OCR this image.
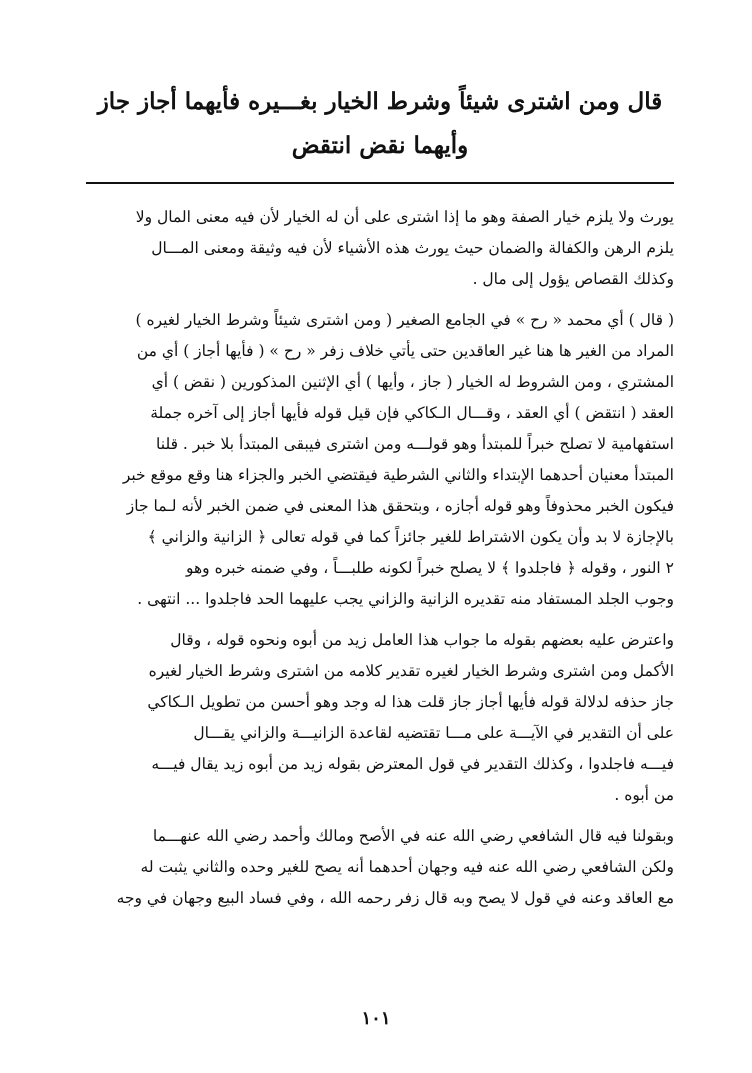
قال ومن اشترى شيئاً وشرط الخيار بغـــيره فأيهما أجاز جاز
وأيهما نقض انتقض
يورث ولا يلزم خيار الصفة وهو ما إذا اشترى على أن له الخيار لأن فيه معنى المال ولا
يلزم الرهن والكفالة والضمان حيث يورث هذه الأشياء لأن فيه وثيقة ومعنى المـــال
وكذلك القصاص يؤول إلى مال .
( قال ) أي محمد « رح » في الجامع الصغير ( ومن اشترى شيئاً وشرط الخيار لغيره )
المراد من الغير ها هنا غير العاقدين حتى يأتي خلاف زفر « رح » ( فأيها أجاز ) أي من
المشتري ، ومن الشروط له الخيار ( جاز ، وأيها ) أي الإثنين المذكورين ( نقض ) أي
العقد ( انتقض ) أي العقد ، وقـــال الـكاكي فإن قيل قوله فأيها أجاز إلى آخره جملة
استفهامية لا تصلح خبراً للمبتدأ وهو قولـــه ومن اشترى فيبقى المبتدأ بلا خبر . قلنا
المبتدأ معنيان أحدهما الإبتداء والثاني الشرطية فيقتضي الخبر والجزاء هنا وقع موقع خبر
فيكون الخبر محذوفاً وهو قوله أجازه ، وبتحقق هذا المعنى في ضمن الخبر لأنه لـما جاز
بالإجازة لا بد وأن يكون الاشتراط للغير جائزاً كما في قوله تعالى ﴿ الزانية والزاني ﴾
٢ النور ، وقوله ﴿ فاجلدوا ﴾ لا يصلح خبراً لكونه طلبـــاً ، وفي ضمنه خبره وهو
وجوب الجلد المستفاد منه تقديره الزانية والزاني يجب عليهما الحد فاجلدوا ... انتهى .
واعترض عليه بعضهم بقوله ما جواب هذا العامل زيد من أبوه ونحوه قوله ، وقال
الأكمل ومن اشترى وشرط الخيار لغيره تقدير كلامه من اشترى وشرط الخيار لغيره
جاز حذفه لدلالة قوله فأيها أجاز جاز قلت هذا له وجد وهو أحسن من تطويل الـكاكي
على أن التقدير في الآيـــة على مـــا تقتضيه لقاعدة الزانيـــة والزاني يقـــال
فيـــه فاجلدوا ، وكذلك التقدير في قول المعترض بقوله زيد من أبوه زيد يقال فيـــه
من أبوه .
وبقولنا فيه قال الشافعي رضي الله عنه في الأصح ومالك وأحمد رضي الله عنهـــما
ولكن الشافعي رضي الله عنه فيه وجهان أحدهما أنه يصح للغير وحده والثاني يثبت له
مع العاقد وعنه في قول لا يصح وبه قال زفر رحمه الله ، وفي فساد البيع وجهان في وجه
١٠١
